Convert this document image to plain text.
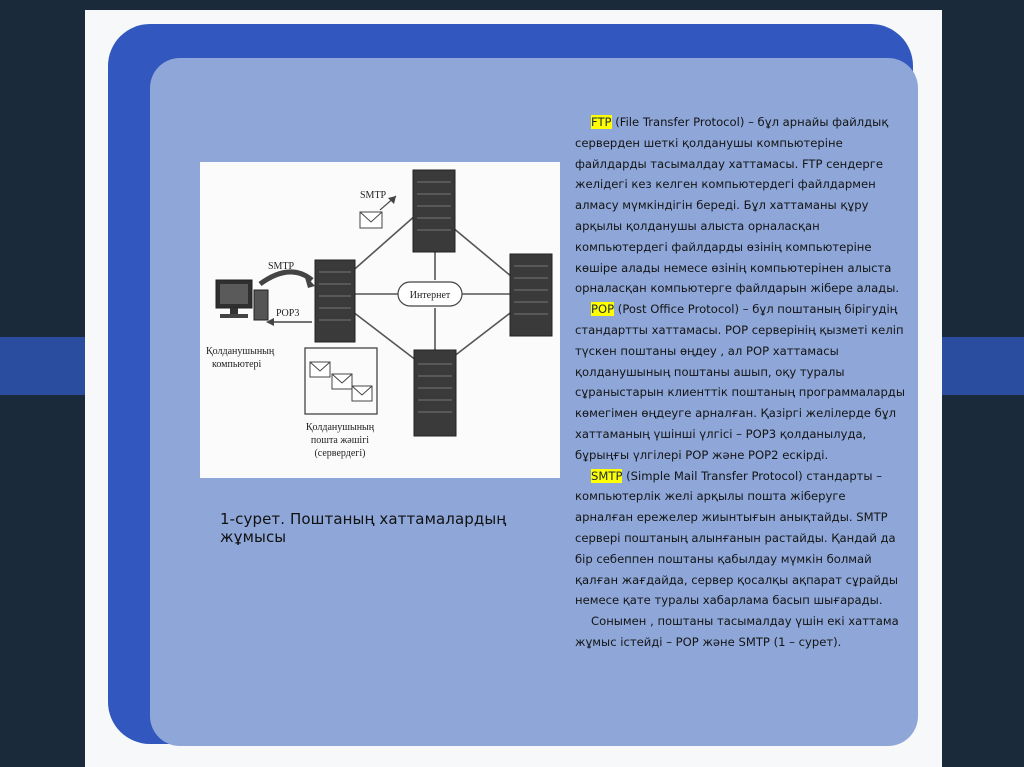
Интернет
SMTP
SMTP
POP3
Қолданушының
компьютері
Қолданушының
пошта жәшігі
(сервердегі)
1-сурет. Поштаның хаттамалардың жұмысы

FTP (File Transfer Protocol) – бұл арнайы файлдық серверден шеткі қолданушы компьютеріне файлдарды тасымалдау хаттамасы. FTP сендерге желідегі кез келген компьютердегі файлдармен алмасу мүмкіндігін береді. Бұл хаттаманы құру арқылы қолданушы алыста орналасқан компьютердегі файлдарды өзінің компьютеріне көшіре алады немесе өзінің компьютерінен алыста орналасқан компьютерге файлдарын жібере алады.

POP (Post Office Protocol) – бұл поштаның бірігудің стандартты хаттамасы. POP серверінің қызметі келіп түскен поштаны өңдеу , ал POP хаттамасы қолданушының поштаны ашып, оқу туралы сұраныстарын клиенттік поштаның программаларды көмегімен өңдеуге арналған. Қазіргі желілерде бұл хаттаманың үшінші үлгісі – POP3 қолданылуда, бұрыңғы үлгілері POP және POP2 ескірді.

SMTP (Simple Mail Transfer Protocol) стандарты – компьютерлік желі арқылы пошта жіберуге арналған ережелер жиынтығын анықтайды. SMTP сервері поштаның алынғанын растайды. Қандай да бір себеппен поштаны қабылдау мүмкін болмай қалған жағдайда, сервер қосалқы ақпарат сұрайды немесе қате туралы хабарлама басып шығарады.

Сонымен , поштаны тасымалдау үшін екі хаттама жұмыс істейді – POP және SMTP (1 – сурет).
